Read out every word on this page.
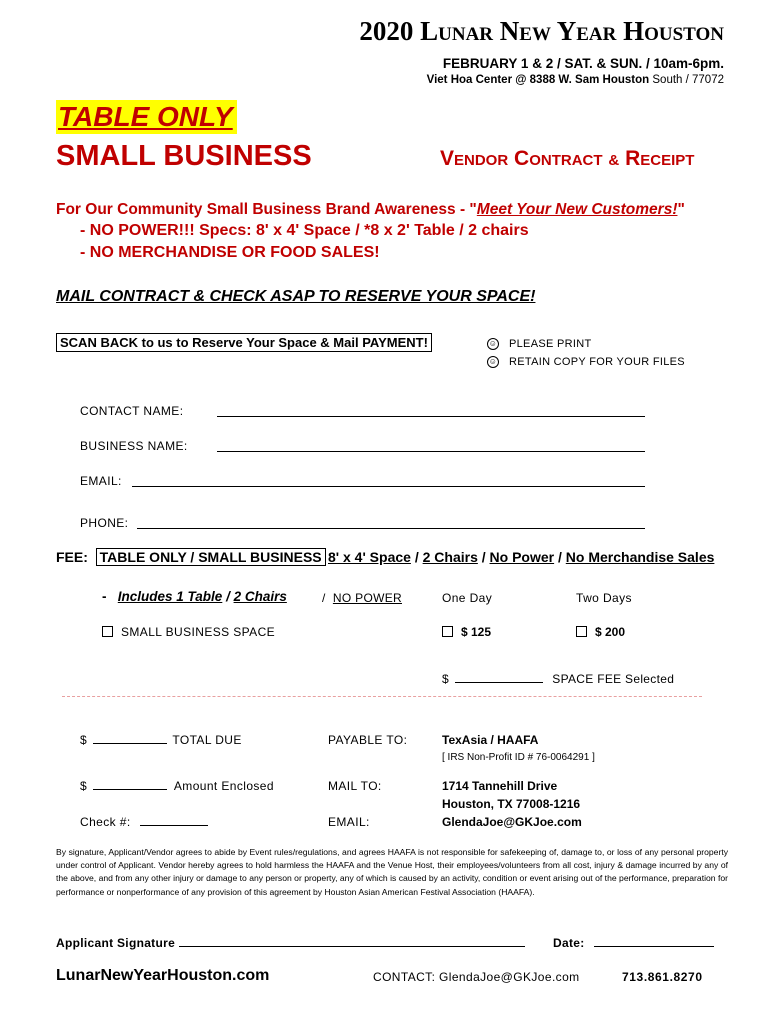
2020 LUNAR NEW YEAR HOUSTON
FEBRUARY 1 & 2 / SAT. & SUN. / 10am-6pm.
Viet Hoa Center @ 8388 W. Sam Houston South / 77072
TABLE ONLY
SMALL BUSINESS	VENDOR CONTRACT & RECEIPT
For Our Community Small Business Brand Awareness - "Meet Your New Customers!"
- NO POWER!!! Specs: 8' x 4' Space / *8 x 2' Table / 2 chairs
- NO MERCHANDISE OR FOOD SALES!
MAIL CONTRACT & CHECK ASAP TO RESERVE YOUR SPACE!
SCAN BACK to us to Reserve Your Space & Mail PAYMENT!	☺ PLEASE PRINT
☺ RETAIN COPY FOR YOUR FILES
CONTACT NAME:
BUSINESS NAME:
EMAIL:
PHONE:
FEE: TABLE ONLY / SMALL BUSINESS 8' x 4' Space / 2 Chairs / No Power / No Merchandise Sales
- Includes 1 Table / 2 Chairs	/  NO POWER	One Day	Two Days
SMALL BUSINESS SPACE	$ 125	$ 200
$	SPACE FEE Selected
$	TOTAL DUE	PAYABLE TO:	TexAsia / HAAFA
[ IRS Non-Profit ID # 76-0064291 ]
$	Amount Enclosed	MAIL TO:	1714 Tannehill Drive
Houston, TX 77008-1216
Check #:	EMAIL:	GlendaJoe@GKJoe.com
By signature, Applicant/Vendor agrees to abide by Event rules/regulations, and agrees HAAFA is not responsible for safekeeping of, damage to, or loss of any personal property under control of Applicant. Vendor hereby agrees to hold harmless the HAAFA and the Venue Host, their employees/volunteers from all cost, injury & damage incurred by any of the above, and from any other injury or damage to any person or property, any of which is caused by an activity, condition or event arising out of the performance, preparation for performance or nonperformance of any provision of this agreement by Houston Asian American Festival Association (HAAFA).
Applicant Signature	Date:
LunarNewYearHouston.com	CONTACT: GlendaJoe@GKJoe.com	713.861.8270
